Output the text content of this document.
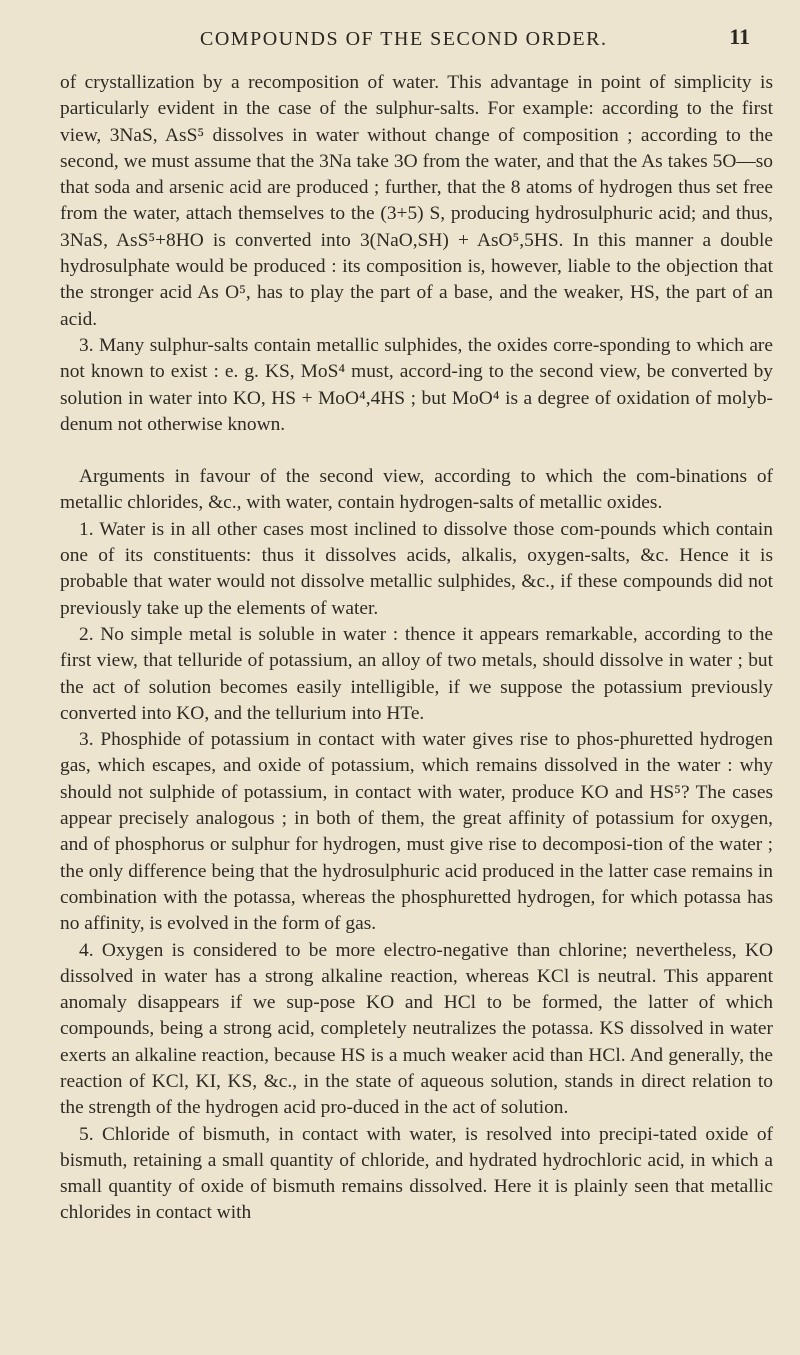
COMPOUNDS OF THE SECOND ORDER.	11

of crystallization by a recomposition of water. This advantage in point of simplicity is particularly evident in the case of the sulphur-salts. For example: according to the first view, 3NaS, AsS⁵ dissolves in water without change of composition ; according to the second, we must assume that the 3Na take 3O from the water, and that the As takes 5O—so that soda and arsenic acid are produced ; further, that the 8 atoms of hydrogen thus set free from the water, attach themselves to the (3+5) S, producing hydrosulphuric acid; and thus, 3NaS, AsS⁵+8HO is converted into 3(NaO,SH) + AsO⁵,5HS. In this manner a double hydrosulphate would be produced : its composition is, however, liable to the objection that the stronger acid As O⁵, has to play the part of a base, and the weaker, HS, the part of an acid.

3. Many sulphur-salts contain metallic sulphides, the oxides corre-sponding to which are not known to exist : e. g. KS, MoS⁴ must, accord-ing to the second view, be converted by solution in water into KO, HS + MoO⁴,4HS ; but MoO⁴ is a degree of oxidation of molyb-denum not otherwise known.

Arguments in favour of the second view, according to which the com-binations of metallic chlorides, &c., with water, contain hydrogen-salts of metallic oxides.

1. Water is in all other cases most inclined to dissolve those com-pounds which contain one of its constituents: thus it dissolves acids, alkalis, oxygen-salts, &c. Hence it is probable that water would not dissolve metallic sulphides, &c., if these compounds did not previously take up the elements of water.

2. No simple metal is soluble in water : thence it appears remarkable, according to the first view, that telluride of potassium, an alloy of two metals, should dissolve in water ; but the act of solution becomes easily intelligible, if we suppose the potassium previously converted into KO, and the tellurium into HTe.

3. Phosphide of potassium in contact with water gives rise to phos-phuretted hydrogen gas, which escapes, and oxide of potassium, which remains dissolved in the water : why should not sulphide of potassium, in contact with water, produce KO and HS⁵? The cases appear precisely analogous ; in both of them, the great affinity of potassium for oxygen, and of phosphorus or sulphur for hydrogen, must give rise to decomposi-tion of the water ; the only difference being that the hydrosulphuric acid produced in the latter case remains in combination with the potassa, whereas the phosphuretted hydrogen, for which potassa has no affinity, is evolved in the form of gas.

4. Oxygen is considered to be more electro-negative than chlorine; nevertheless, KO dissolved in water has a strong alkaline reaction, whereas KCl is neutral. This apparent anomaly disappears if we sup-pose KO and HCl to be formed, the latter of which compounds, being a strong acid, completely neutralizes the potassa. KS dissolved in water exerts an alkaline reaction, because HS is a much weaker acid than HCl. And generally, the reaction of KCl, KI, KS, &c., in the state of aqueous solution, stands in direct relation to the strength of the hydrogen acid pro-duced in the act of solution.

5. Chloride of bismuth, in contact with water, is resolved into precipi-tated oxide of bismuth, retaining a small quantity of chloride, and hydrated hydrochloric acid, in which a small quantity of oxide of bismuth remains dissolved. Here it is plainly seen that metallic chlorides in contact with
